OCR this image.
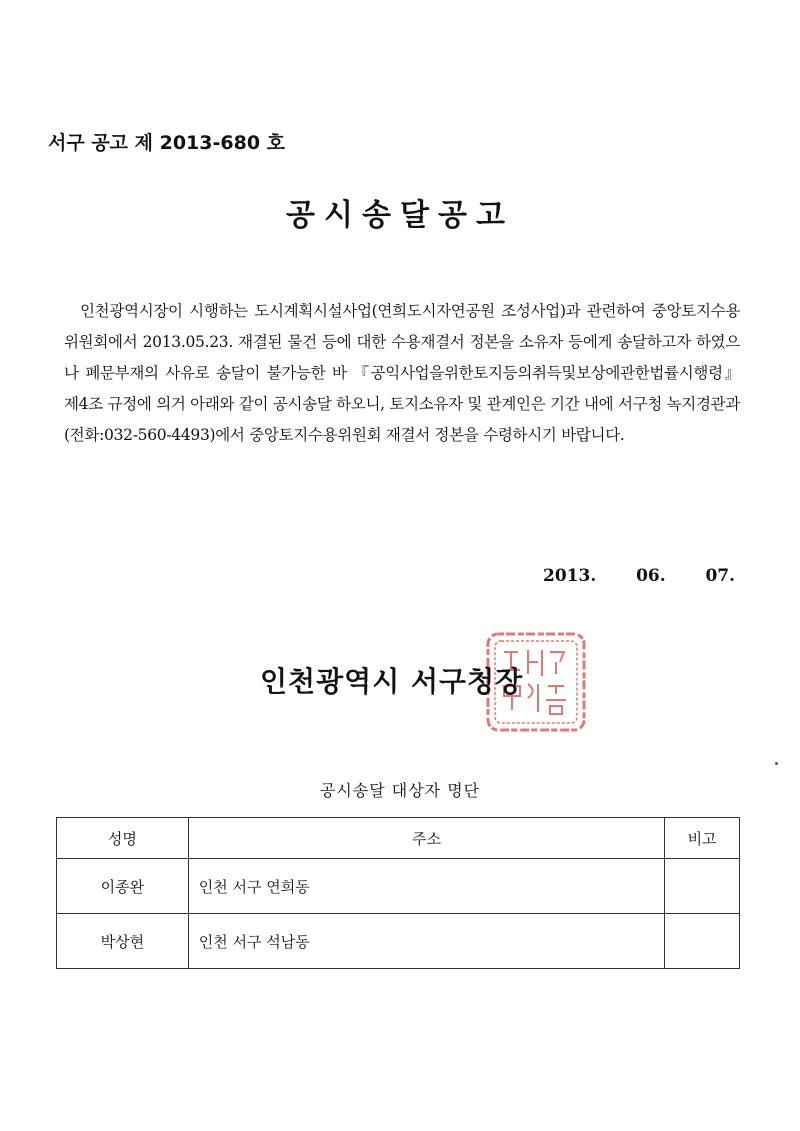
서구 공고 제 2013-680 호
공시송달공고
인천광역시장이 시행하는 도시계획시설사업(연희도시자연공원 조성사업)과 관련하여 중앙토지수용위원회에서 2013.05.23. 재결된 물건 등에 대한 수용재결서 정본을 소유자 등에게 송달하고자 하였으나 폐문부재의 사유로 송달이 불가능한 바 『공익사업을위한토지등의취득및보상에관한법률시행령』 제4조 규정에 의거 아래와 같이 공시송달 하오니, 토지소유자 및 관계인은 기간 내에 서구청 녹지경관과(전화:032-560-4493)에서 중앙토지수용위원회 재결서 정본을 수령하시기 바랍니다.
2013.  06.  07.
인천광역시 서구청장
공시송달 대상자 명단
성명	주소	비고
이종완	인천 서구 연희동	
박상현	인천 서구 석남동	
